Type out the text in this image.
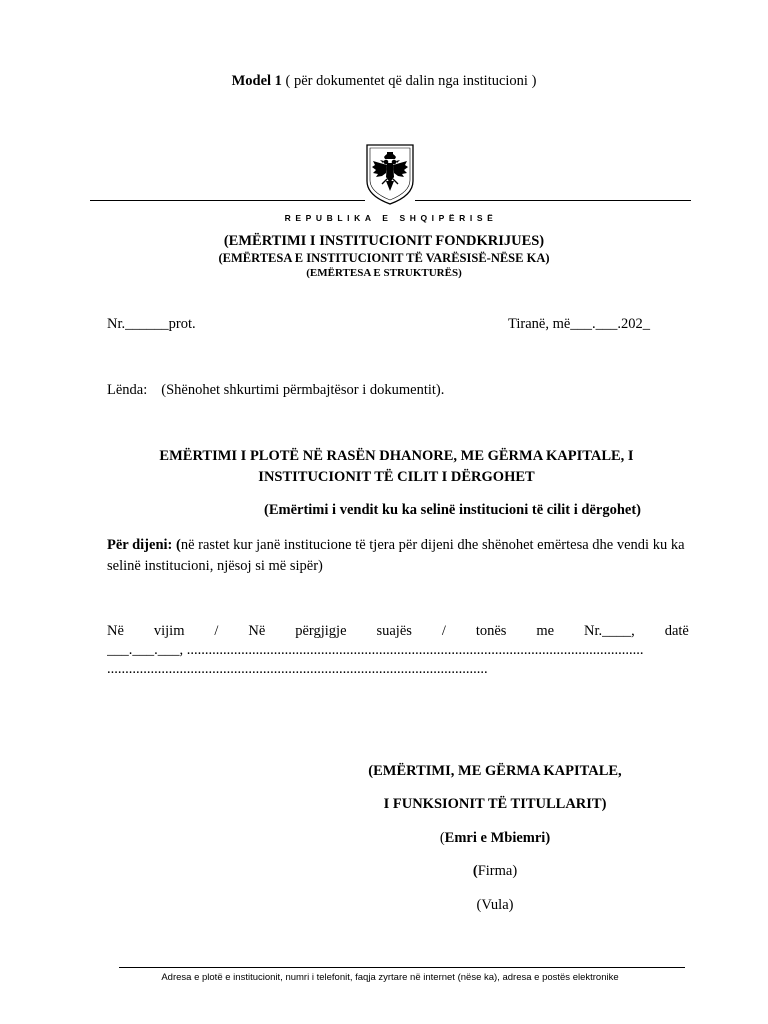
Model 1 ( për dokumentet që dalin nga institucioni )
REPUBLIKA E SHQIPËRISË
(EMËRTIMI I INSTITUCIONIT FONDKRIJUES)
(EMËRTESA E INSTITUCIONIT TË VARËSISË-NËSE KA)
(EMËRTESA E STRUKTURËS)
Nr.______prot.	Tiranë, më___.___.202_
Lënda: (Shënohet shkurtimi përmbajtësor i dokumentit).
EMËRTIMI I PLOTË NË RASËN DHANORE, ME GËRMA KAPITALE, I
INSTITUCIONIT TË CILIT I DËRGOHET
(Emërtimi i vendit ku ka selinë institucioni të cilit i dërgohet)
Për dijeni: (në rastet kur janë institucione të tjera për dijeni dhe shënohet emërtesa dhe vendi ku ka selinë institucioni, njësoj si më sipër)
Në vijim / Në përgjigje suajës / tonës me Nr.____, datë
___.___.___, ..............................................................................................................................
.........................................................................................................
(EMËRTIMI, ME GËRMA KAPITALE,
I FUNKSIONIT TË TITULLARIT)
(Emri e Mbiemri)
(Firma)
(Vula)
Adresa e plotë e institucionit, numri i telefonit, faqja zyrtare në internet (nëse ka), adresa e postës elektronike
